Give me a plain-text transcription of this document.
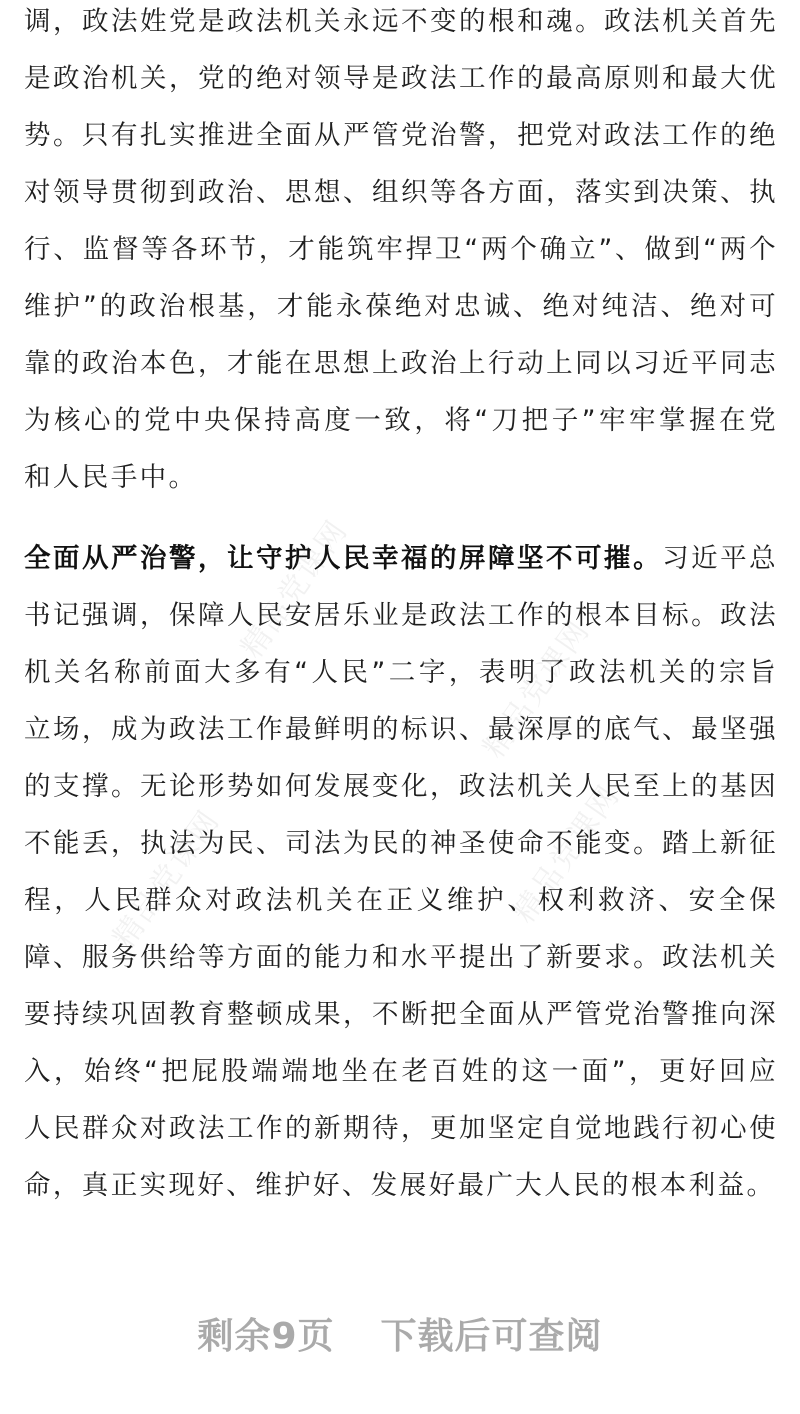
调，政法姓党是政法机关永远不变的根和魂。政法机关首先是政治机关，党的绝对领导是政法工作的最高原则和最大优势。只有扎实推进全面从严管党治警，把党对政法工作的绝对领导贯彻到政治、思想、组织等各方面，落实到决策、执行、监督等各环节，才能筑牢捍卫“两个确立”、做到“两个维护”的政治根基，才能永葆绝对忠诚、绝对纯洁、绝对可靠的政治本色，才能在思想上政治上行动上同以习近平同志为核心的党中央保持高度一致，将“刀把子”牢牢掌握在党和人民手中。

全面从严治警，让守护人民幸福的屏障坚不可摧。习近平总书记强调，保障人民安居乐业是政法工作的根本目标。政法机关名称前面大多有“人民”二字，表明了政法机关的宗旨立场，成为政法工作最鲜明的标识、最深厚的底气、最坚强的支撑。无论形势如何发展变化，政法机关人民至上的基因不能丢，执法为民、司法为民的神圣使命不能变。踏上新征程，人民群众对政法机关在正义维护、权利救济、安全保障、服务供给等方面的能力和水平提出了新要求。政法机关要持续巩固教育整顿成果，不断把全面从严管党治警推向深入，始终“把屁股端端地坐在老百姓的这一面”，更好回应人民群众对政法工作的新期待，更加坚定自觉地践行初心使命，真正实现好、维护好、发展好最广大人民的根本利益。

精品党课网
精品党课网
精品党课网	精品党课网
剩余9页 下载后可查阅
